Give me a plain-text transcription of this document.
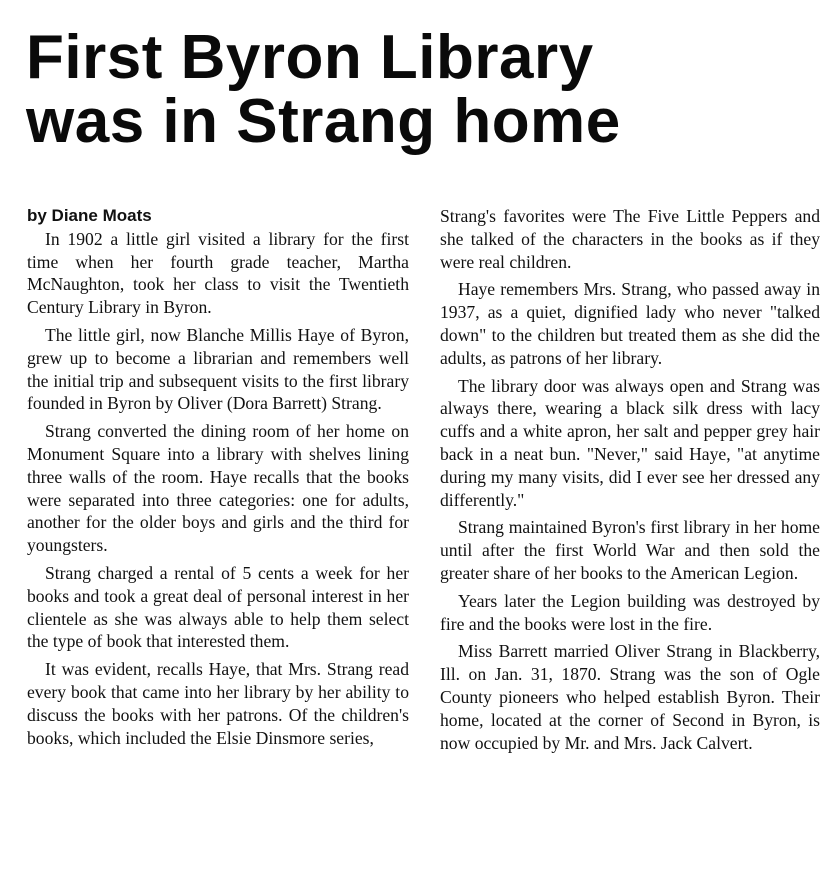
First Byron Library
was in Strang home
by Diane Moats

In 1902 a little girl visited a library for the first time when her fourth grade teacher, Martha McNaughton, took her class to visit the Twentieth Century Library in Byron.

The little girl, now Blanche Millis Haye of Byron, grew up to become a librarian and remembers well the initial trip and subsequent visits to the first library founded in Byron by Oliver (Dora Barrett) Strang.

Strang converted the dining room of her home on Monument Square into a library with shelves lining three walls of the room. Haye recalls that the books were separated into three categories: one for adults, another for the older boys and girls and the third for youngsters.

Strang charged a rental of 5 cents a week for her books and took a great deal of personal interest in her clientele as she was always able to help them select the type of book that interested them.

It was evident, recalls Haye, that Mrs. Strang read every book that came into her library by her ability to discuss the books with her patrons. Of the children's books, which included the Elsie Dinsmore series,

Strang's favorites were The Five Little Peppers and she talked of the characters in the books as if they were real children.

Haye remembers Mrs. Strang, who passed away in 1937, as a quiet, dignified lady who never "talked down" to the children but treated them as she did the adults, as patrons of her library.

The library door was always open and Strang was always there, wearing a black silk dress with lacy cuffs and a white apron, her salt and pepper grey hair back in a neat bun. "Never," said Haye, "at anytime during my many visits, did I ever see her dressed any differently."

Strang maintained Byron's first library in her home until after the first World War and then sold the greater share of her books to the American Legion.

Years later the Legion building was destroyed by fire and the books were lost in the fire.

Miss Barrett married Oliver Strang in Blackberry, Ill. on Jan. 31, 1870. Strang was the son of Ogle County pioneers who helped establish Byron. Their home, located at the corner of Second in Byron, is now occupied by Mr. and Mrs. Jack Calvert.
